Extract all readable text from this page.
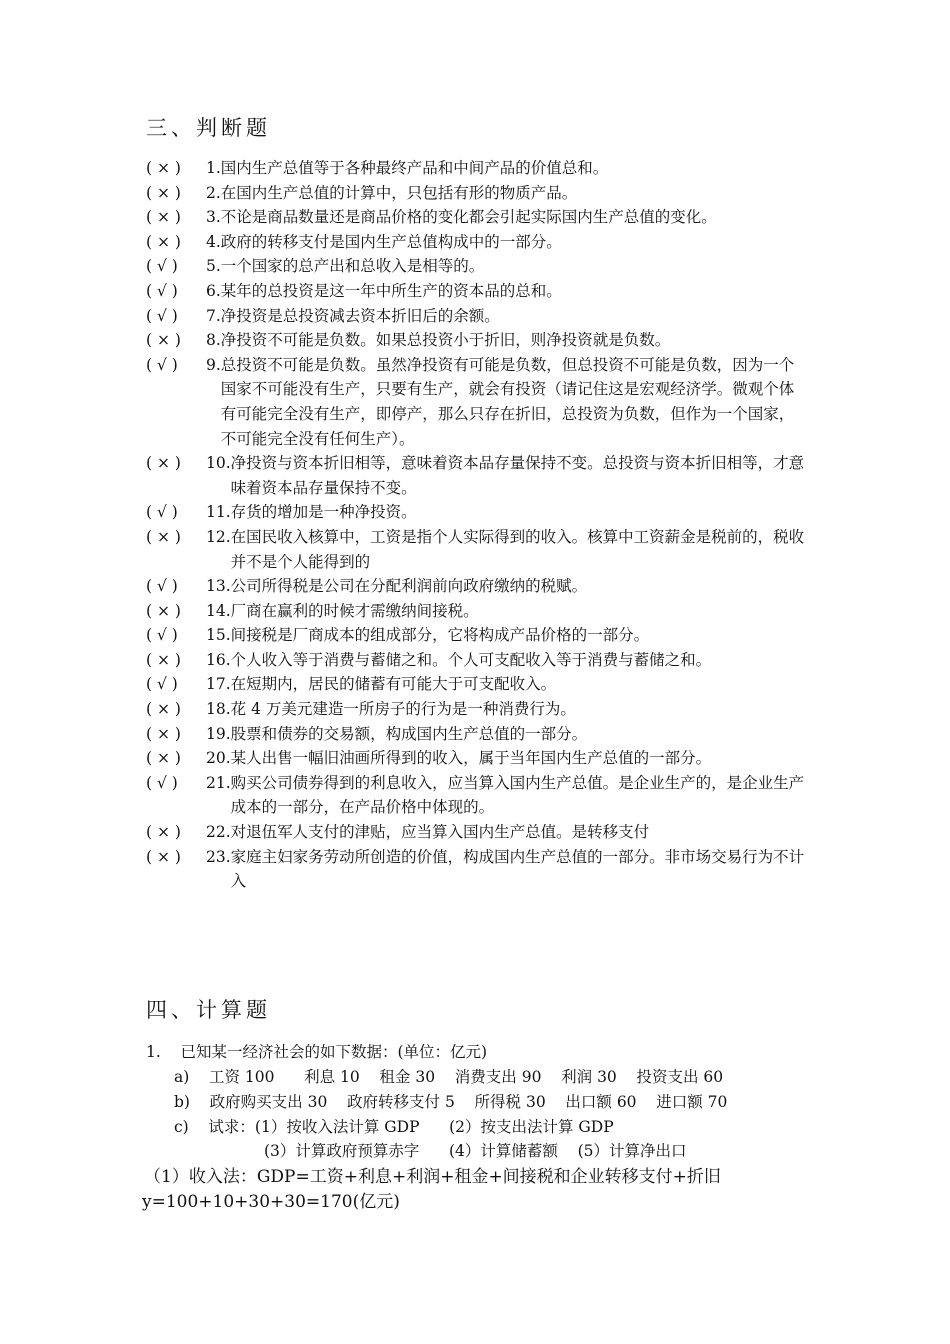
三、判断题
( × )	1. 国内生产总值等于各种最终产品和中间产品的价值总和。
( × )	2. 在国内生产总值的计算中，只包括有形的物质产品。
( × )	3. 不论是商品数量还是商品价格的变化都会引起实际国内生产总值的变化。
( × )	4. 政府的转移支付是国内生产总值构成中的一部分。
( √ )	5. 一个国家的总产出和总收入是相等的。
( √ )	6. 某年的总投资是这一年中所生产的资本品的总和。
( √ )	7. 净投资是总投资减去资本折旧后的余额。
( × )	8. 净投资不可能是负数。如果总投资小于折旧，则净投资就是负数。
( √ )	9. 总投资不可能是负数。虽然净投资有可能是负数，但总投资不可能是负数，因为一个国家不可能没有生产，只要有生产，就会有投资（请记住这是宏观经济学。微观个体有可能完全没有生产，即停产，那么只存在折旧，总投资为负数，但作为一个国家，不可能完全没有任何生产）。
( × )	10. 净投资与资本折旧相等，意味着资本品存量保持不变。总投资与资本折旧相等，才意味着资本品存量保持不变。
( √ )	11. 存货的增加是一种净投资。
( × )	12. 在国民收入核算中，工资是指个人实际得到的收入。核算中工资薪金是税前的，税收并不是个人能得到的
( √ )	13. 公司所得税是公司在分配利润前向政府缴纳的税赋。
( × )	14. 厂商在赢利的时候才需缴纳间接税。
( √ )	15. 间接税是厂商成本的组成部分，它将构成产品价格的一部分。
( × )	16. 个人收入等于消费与蓄储之和。个人可支配收入等于消费与蓄储之和。
( √ )	17. 在短期内，居民的储蓄有可能大于可支配收入。
( × )	18. 花 4 万美元建造一所房子的行为是一种消费行为。
( × )	19. 股票和债券的交易额，构成国内生产总值的一部分。
( × )	20. 某人出售一幅旧油画所得到的收入，属于当年国内生产总值的一部分。
( √ )	21. 购买公司债券得到的利息收入，应当算入国内生产总值。是企业生产的，是企业生产成本的一部分，在产品价格中体现的。
( × )	22. 对退伍军人支付的津贴，应当算入国内生产总值。是转移支付
( × )	23. 家庭主妇家务劳动所创造的价值，构成国内生产总值的一部分。非市场交易行为不计入
四、计算题
1.    已知某一经济社会的如下数据：(单位：亿元)
a)    工资 100      利息 10    租金 30    消费支出 90    利润 30    投资支出 60
b)    政府购买支出 30    政府转移支付 5    所得税 30    出口额 60    进口额 70
c)    试求：(1）按收入法计算 GDP      (2）按支出法计算 GDP
(3）计算政府预算赤字      (4）计算储蓄额    (5）计算净出口
（1）收入法：GDP=工资+利息+利润+租金+间接税和企业转移支付+折旧
y=100+10+30+30=170(亿元)
